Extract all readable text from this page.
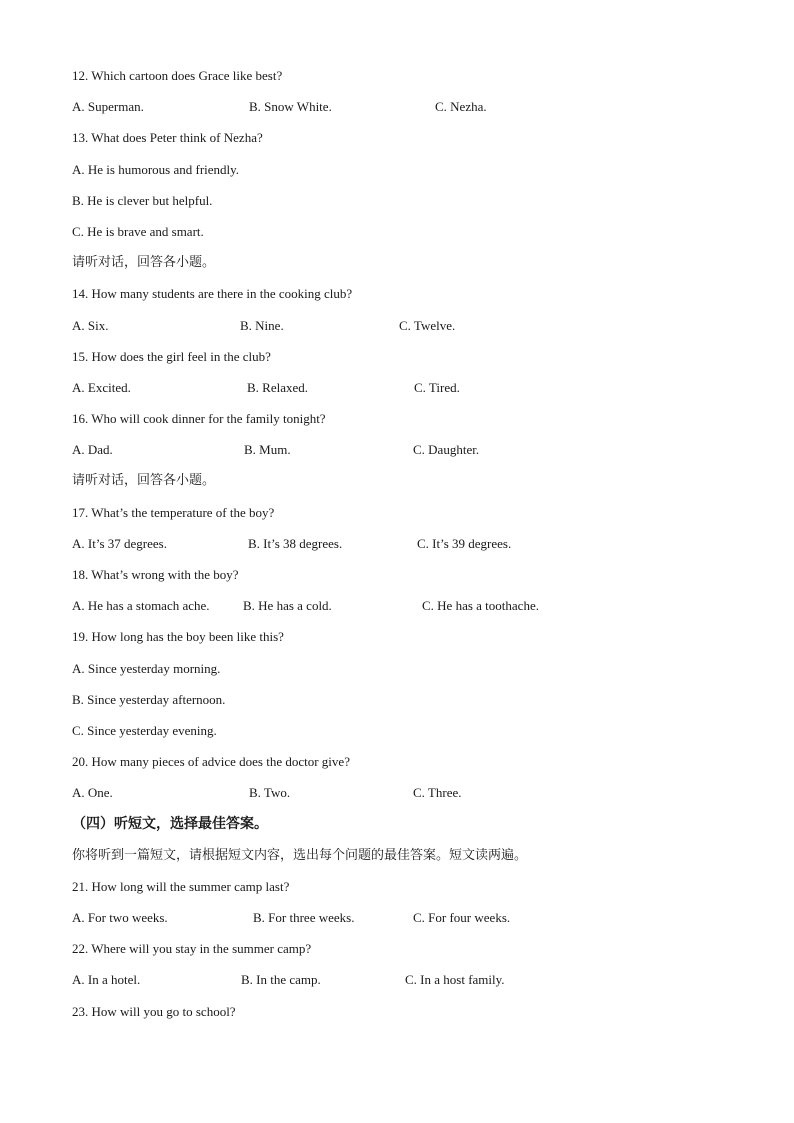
12. Which cartoon does Grace like best?
A. Superman.	B. Snow White.	C. Nezha.
13. What does Peter think of Nezha?
A. He is humorous and friendly.
B. He is clever but helpful.
C. He is brave and smart.
请听对话，回答各小题。
14. How many students are there in the cooking club?
A. Six.	B. Nine.	C. Twelve.
15. How does the girl feel in the club?
A. Excited.	B. Relaxed.	C. Tired.
16. Who will cook dinner for the family tonight?
A. Dad.	B. Mum.	C. Daughter.
请听对话，回答各小题。
17. What’s the temperature of the boy?
A. It’s 37 degrees.	B. It’s 38 degrees.	C. It’s 39 degrees.
18. What’s wrong with the boy?
A. He has a stomach ache.	B. He has a cold.	C. He has a toothache.
19. How long has the boy been like this?
A. Since yesterday morning.
B. Since yesterday afternoon.
C. Since yesterday evening.
20. How many pieces of advice does the doctor give?
A. One.	B. Two.	C. Three.
（四）听短文，选择最佳答案。
你将听到一篇短文，请根据短文内容，选出每个问题的最佳答案。短文读两遍。
21. How long will the summer camp last?
A. For two weeks.	B. For three weeks.	C. For four weeks.
22. Where will you stay in the summer camp?
A. In a hotel.	B. In the camp.	C. In a host family.
23. How will you go to school?
